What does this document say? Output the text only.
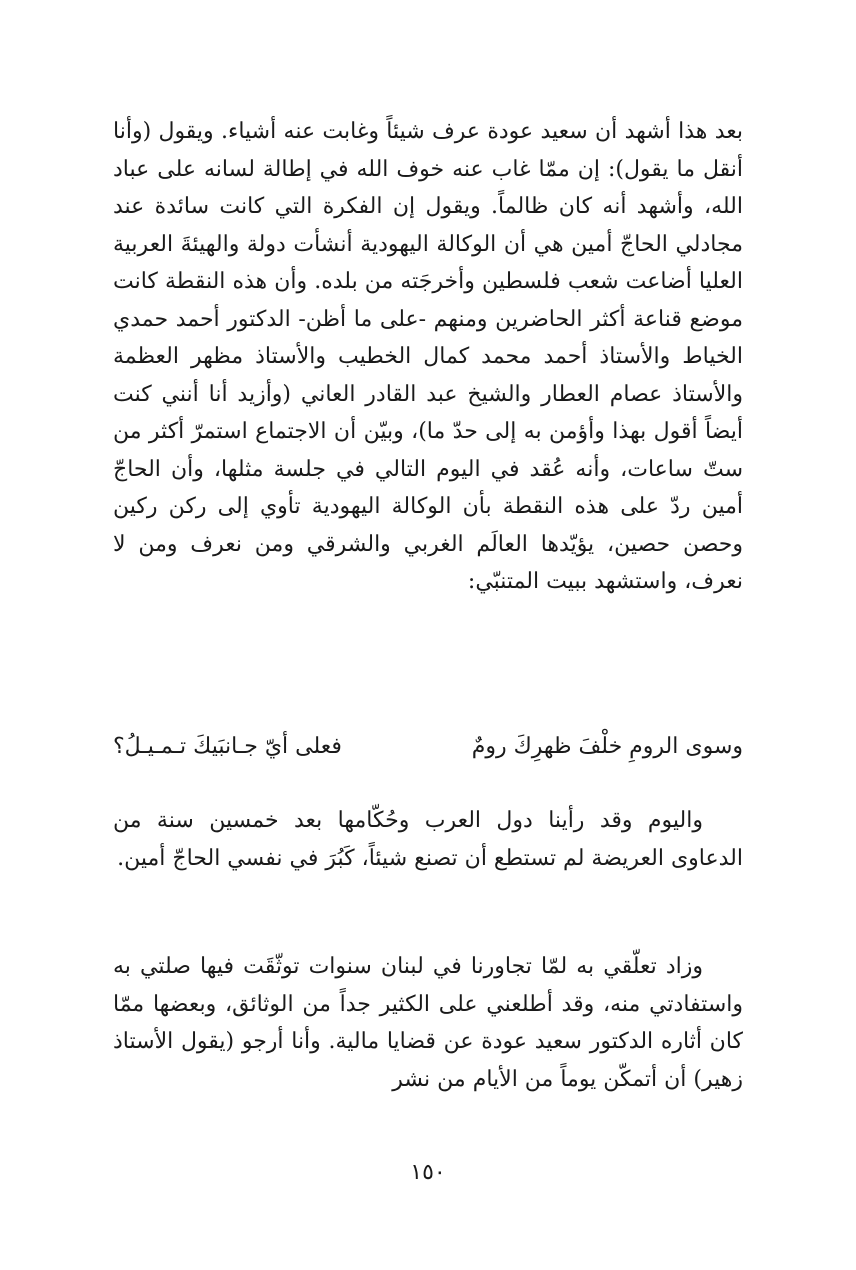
بعد هذا أشهد أن سعيد عودة عرف شيئاً وغابت عنه أشياء. ويقول (وأنا أنقل ما يقول): إن ممّا غاب عنه خوف الله في إطالة لسانه على عباد الله، وأشهد أنه كان ظالماً. ويقول إن الفكرة التي كانت سائدة عند مجادلي الحاجّ أمين هي أن الوكالة اليهودية أنشأت دولة والهيئةَ العربية العليا أضاعت شعب فلسطين وأخرجَته من بلده. وأن هذه النقطة كانت موضع قناعة أكثر الحاضرين ومنهم -على ما أظن- الدكتور أحمد حمدي الخياط والأستاذ أحمد محمد كمال الخطيب والأستاذ مظهر العظمة والأستاذ عصام العطار والشيخ عبد القادر العاني (وأزيد أنا أنني كنت أيضاً أقول بهذا وأؤمن به إلى حدّ ما)، وبيّن أن الاجتماع استمرّ أكثر من ستّ ساعات، وأنه عُقد في اليوم التالي في جلسة مثلها، وأن الحاجّ أمين ردّ على هذه النقطة بأن الوكالة اليهودية تأوي إلى ركن ركين وحصن حصين، يؤيّدها العالَم الغربي والشرقي ومن نعرف ومن لا نعرف، واستشهد ببيت المتنبّي:

وسوى الرومِ خلْفَ ظهرِكَ رومٌ
فعلى أيّ جـانبَيكَ تـمـيـلُ؟

واليوم وقد رأينا دول العرب وحُكّامها بعد خمسين سنة من الدعاوى العريضة لم تستطع أن تصنع شيئاً، كَبُرَ في نفسي الحاجّ أمين.

وزاد تعلّقي به لمّا تجاورنا في لبنان سنوات توثّقَت فيها صلتي به واستفادتي منه، وقد أطلعني على الكثير جداً من الوثائق، وبعضها ممّا كان أثاره الدكتور سعيد عودة عن قضايا مالية. وأنا أرجو (يقول الأستاذ زهير) أن أتمكّن يوماً من الأيام من نشر

١٥٠
